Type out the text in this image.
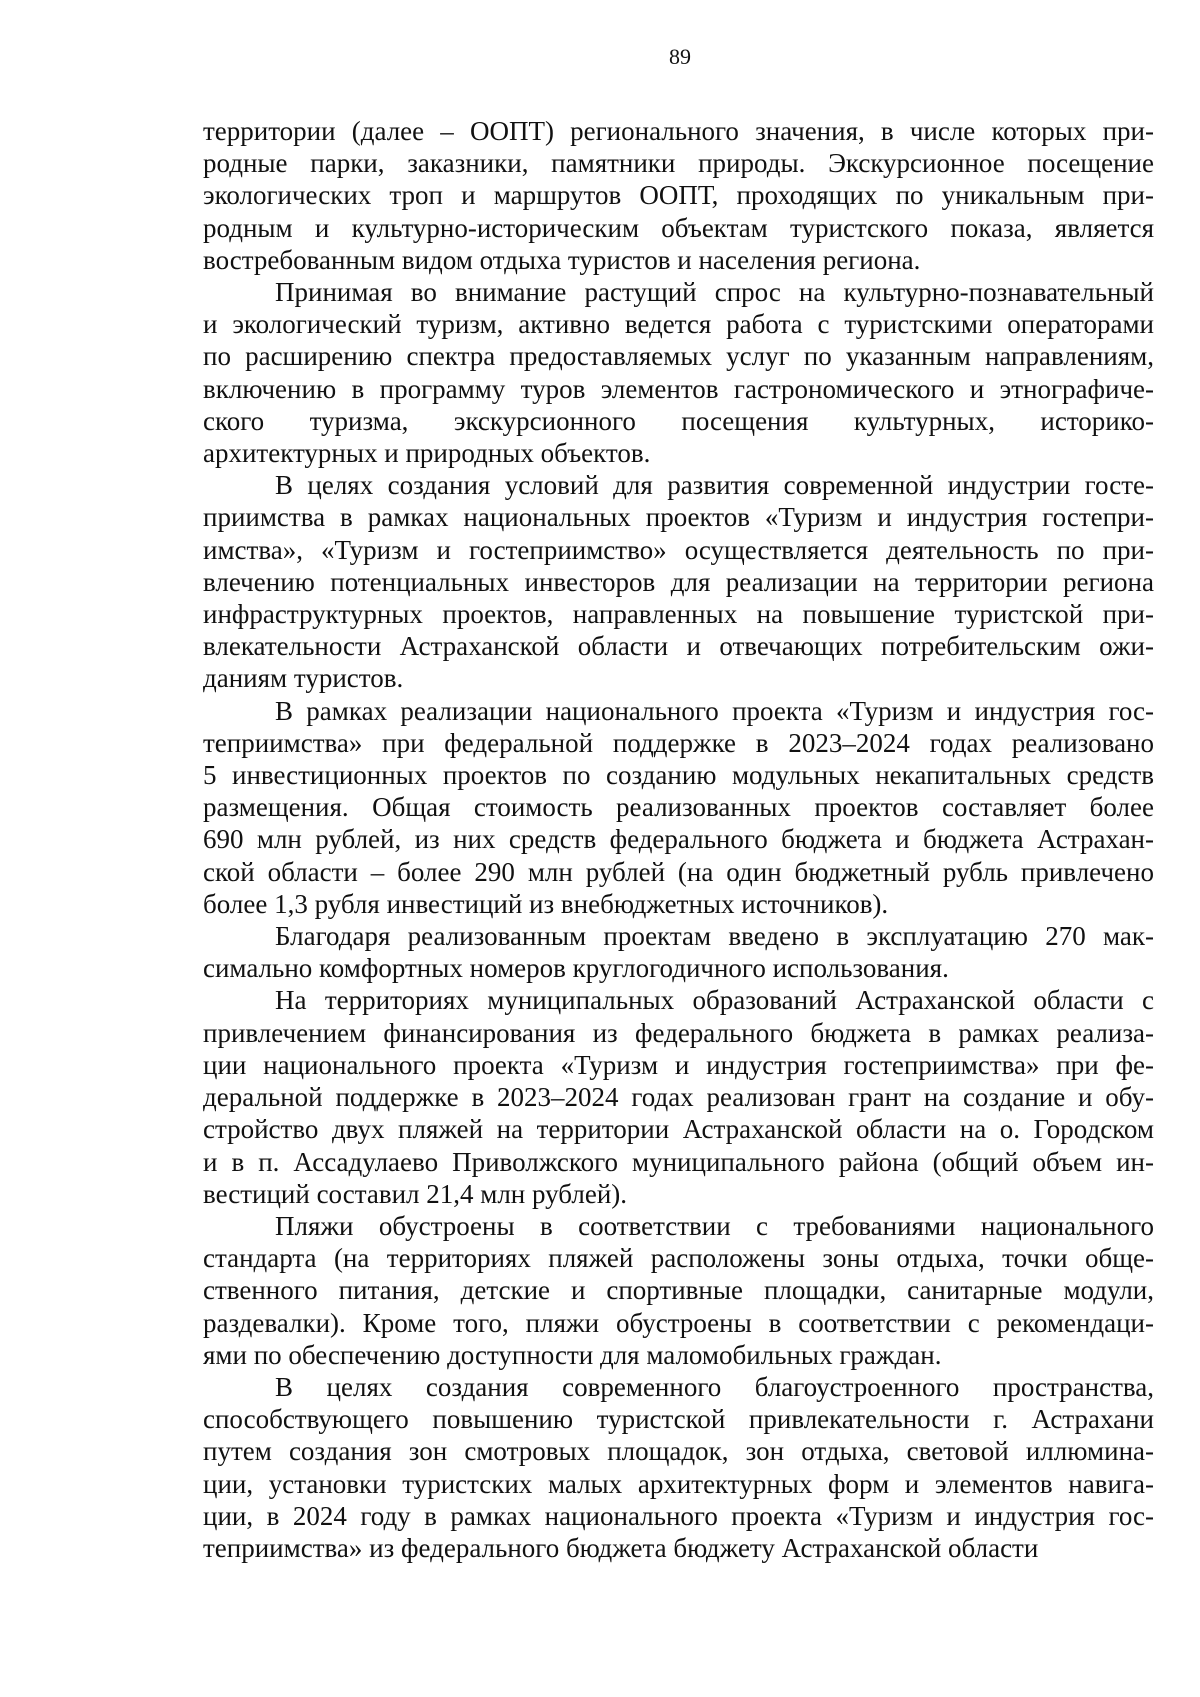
89

территории (далее – ООПТ) регионального значения, в числе которых при-
родные парки, заказники, памятники природы. Экскурсионное посещение
экологических троп и маршрутов ООПТ, проходящих по уникальным при-
родным и культурно-историческим объектам туристского показа, является
востребованным видом отдыха туристов и населения региона.

Принимая во внимание растущий спрос на культурно-познавательный
и экологический туризм, активно ведется работа с туристскими операторами
по расширению спектра предоставляемых услуг по указанным направлениям,
включению в программу туров элементов гастрономического и этнографиче-
ского туризма, экскурсионного посещения культурных, историко-
архитектурных и природных объектов.

В целях создания условий для развития современной индустрии госте-
приимства в рамках национальных проектов «Туризм и индустрия гостепри-
имства», «Туризм и гостеприимство» осуществляется деятельность по при-
влечению потенциальных инвесторов для реализации на территории региона
инфраструктурных проектов, направленных на повышение туристской при-
влекательности Астраханской области и отвечающих потребительским ожи-
даниям туристов.

В рамках реализации национального проекта «Туризм и индустрия гос-
теприимства» при федеральной поддержке в 2023–2024 годах реализовано
5 инвестиционных проектов по созданию модульных некапитальных средств
размещения. Общая стоимость реализованных проектов составляет более
690 млн рублей, из них средств федерального бюджета и бюджета Астрахан-
ской области – более 290 млн рублей (на один бюджетный рубль привлечено
более 1,3 рубля инвестиций из внебюджетных источников).

Благодаря реализованным проектам введено в эксплуатацию 270 мак-
симально комфортных номеров круглогодичного использования.

На территориях муниципальных образований Астраханской области с
привлечением финансирования из федерального бюджета в рамках реализа-
ции национального проекта «Туризм и индустрия гостеприимства» при фе-
деральной поддержке в 2023–2024 годах реализован грант на создание и обу-
стройство двух пляжей на территории Астраханской области на о. Городском
и в п. Ассадулаево Приволжского муниципального района (общий объем ин-
вестиций составил 21,4 млн рублей).

Пляжи обустроены в соответствии с требованиями национального
стандарта (на территориях пляжей расположены зоны отдыха, точки обще-
ственного питания, детские и спортивные площадки, санитарные модули,
раздевалки). Кроме того, пляжи обустроены в соответствии с рекомендаци-
ями по обеспечению доступности для маломобильных граждан.

В целях создания современного благоустроенного пространства,
способствующего повышению туристской привлекательности г. Астрахани
путем создания зон смотровых площадок, зон отдыха, световой иллюмина-
ции, установки туристских малых архитектурных форм и элементов навига-
ции, в 2024 году в рамках национального проекта «Туризм и индустрия гос-
теприимства» из федерального бюджета бюджету Астраханской области
